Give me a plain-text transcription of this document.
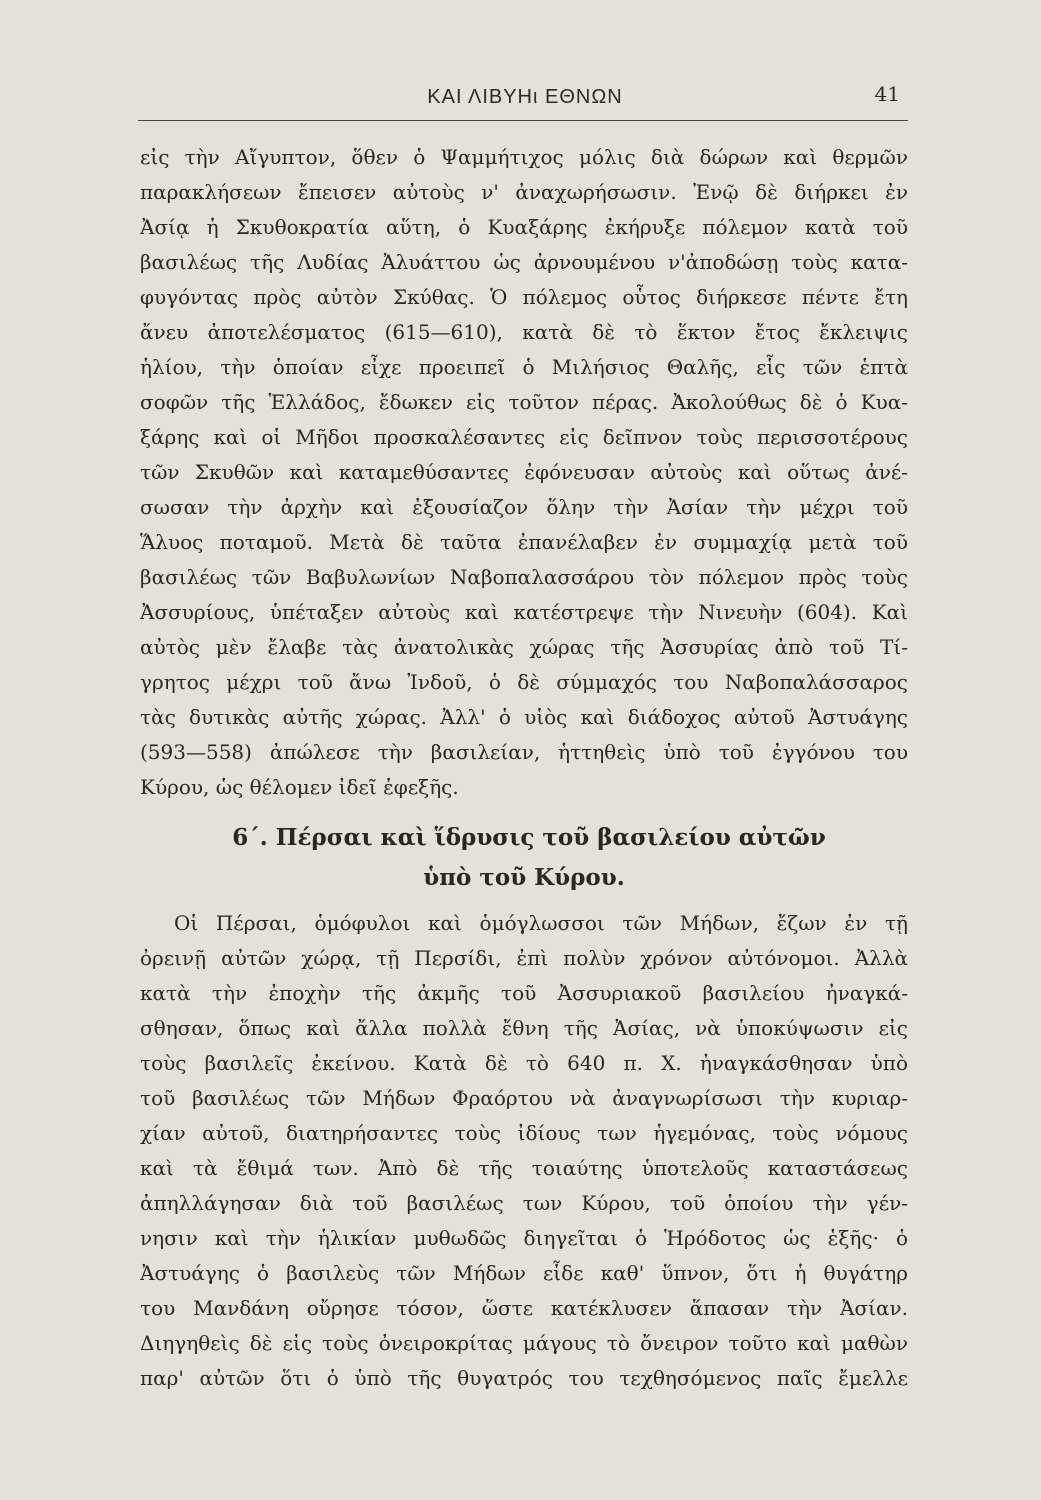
ΚΑΙ ΛΙΒΥΗι ΕΘΝΩΝ	41
εἰς τὴν Αἴγυπτον, ὅθεν ὁ Ψαμμήτιχος μόλις διὰ δώρων καὶ θερμῶν
παρακλήσεων ἔπεισεν αὐτοὺς ν' ἀναχωρήσωσιν. Ἐνῷ δὲ διήρκει ἐν
Ἀσίᾳ ἡ Σκυθοκρατία αὕτη, ὁ Κυαξάρης ἐκήρυξε πόλεμον κατὰ τοῦ
βασιλέως τῆς Λυδίας Ἀλυάττου ὡς ἀρνουμένου ν'ἀποδώσῃ τοὺς κατα-
φυγόντας πρὸς αὐτὸν Σκύθας. Ὁ πόλεμος οὗτος διήρκεσε πέντε ἔτη
ἄνευ ἀποτελέσματος (615—610), κατὰ δὲ τὸ ἕκτον ἔτος ἔκλειψις
ἡλίου, τὴν ὁποίαν εἶχε προειπεῖ ὁ Μιλήσιος Θαλῆς, εἷς τῶν ἑπτὰ
σοφῶν τῆς Ἑλλάδος, ἔδωκεν εἰς τοῦτον πέρας. Ἀκολούθως δὲ ὁ Κυα-
ξάρης καὶ οἱ Μῆδοι προσκαλέσαντες εἰς δεῖπνον τοὺς περισσοτέρους
τῶν Σκυθῶν καὶ καταμεθύσαντες ἐφόνευσαν αὐτοὺς καὶ οὕτως ἀνέ-
σωσαν τὴν ἀρχὴν καὶ ἐξουσίαζον ὅλην τὴν Ἀσίαν τὴν μέχρι τοῦ
Ἅλυος ποταμοῦ. Μετὰ δὲ ταῦτα ἐπανέλαβεν ἐν συμμαχίᾳ μετὰ τοῦ
βασιλέως τῶν Βαβυλωνίων Ναβοπαλασσάρου τὸν πόλεμον πρὸς τοὺς
Ἀσσυρίους, ὑπέταξεν αὐτοὺς καὶ κατέστρεψε τὴν Νινευὴν (604). Καὶ
αὐτὸς μὲν ἔλαβε τὰς ἀνατολικὰς χώρας τῆς Ἀσσυρίας ἀπὸ τοῦ Τί-
γρητος μέχρι τοῦ ἄνω Ἰνδοῦ, ὁ δὲ σύμμαχός του Ναβοπαλάσσαρος
τὰς δυτικὰς αὐτῆς χώρας. Ἀλλ' ὁ υἱὸς καὶ διάδοχος αὐτοῦ Ἀστυάγης
(593—558) ἀπώλεσε τὴν βασιλείαν, ἡττηθεὶς ὑπὸ τοῦ ἐγγόνου του
Κύρου, ὡς θέλομεν ἰδεῖ ἐφεξῆς.
6΄. Πέρσαι καὶ ἵδρυσις τοῦ βασιλείου αὐτῶν
ὑπὸ τοῦ Κύρου.
Οἱ Πέρσαι, ὁμόφυλοι καὶ ὁμόγλωσσοι τῶν Μήδων, ἔζων ἐν τῇ
ὀρεινῇ αὐτῶν χώρᾳ, τῇ Περσίδι, ἐπὶ πολὺν χρόνον αὐτόνομοι. Ἀλλὰ
κατὰ τὴν ἐποχὴν τῆς ἀκμῆς τοῦ Ἀσσυριακοῦ βασιλείου ἠναγκά-
σθησαν, ὅπως καὶ ἄλλα πολλὰ ἔθνη τῆς Ἀσίας, νὰ ὑποκύψωσιν εἰς
τοὺς βασιλεῖς ἐκείνου. Κατὰ δὲ τὸ 640 π. Χ. ἠναγκάσθησαν ὑπὸ
τοῦ βασιλέως τῶν Μήδων Φραόρτου νὰ ἀναγνωρίσωσι τὴν κυριαρ-
χίαν αὐτοῦ, διατηρήσαντες τοὺς ἰδίους των ἡγεμόνας, τοὺς νόμους
καὶ τὰ ἔθιμά των. Ἀπὸ δὲ τῆς τοιαύτης ὑποτελοῦς καταστάσεως
ἀπηλλάγησαν διὰ τοῦ βασιλέως των Κύρου, τοῦ ὁποίου τὴν γέν-
νησιν καὶ τὴν ἡλικίαν μυθωδῶς διηγεῖται ὁ Ἡρόδοτος ὡς ἑξῆς· ὁ
Ἀστυάγης ὁ βασιλεὺς τῶν Μήδων εἶδε καθ' ὕπνον, ὅτι ἡ θυγάτηρ
του Μανδάνη οὔρησε τόσον, ὥστε κατέκλυσεν ἅπασαν τὴν Ἀσίαν.
Διηγηθεὶς δὲ εἰς τοὺς ὀνειροκρίτας μάγους τὸ ὄνειρον τοῦτο καὶ μαθὼν
παρ' αὐτῶν ὅτι ὁ ὑπὸ τῆς θυγατρός του τεχθησόμενος παῖς ἔμελλε
